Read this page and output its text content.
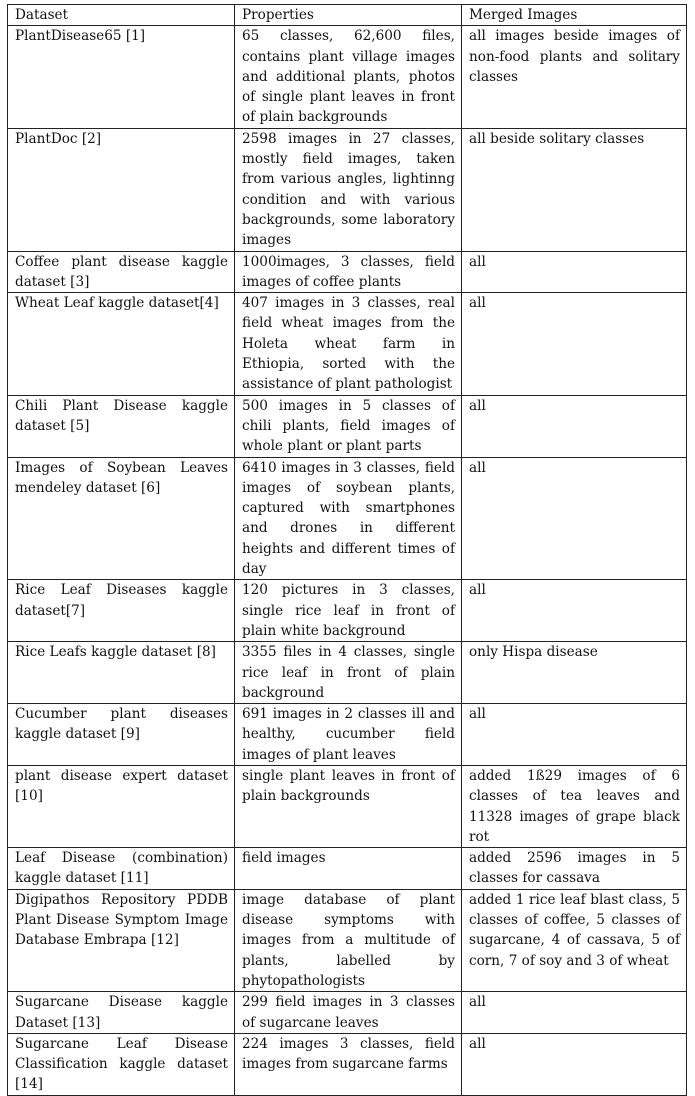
Dataset	Properties	Merged Images

PlantDisease65 [1]	65 classes, 62,600 files, contains plant village images and additional plants, photos of single plant leaves in front of plain backgrounds	all images beside images of non-food plants and solitary classes

PlantDoc [2]	2598 images in 27 classes, mostly field images, taken from various angles, lightinng condition and with various backgrounds, some laboratory images	all beside solitary classes

Coffee plant disease kaggle dataset [3]	1000images, 3 classes, field images of coffee plants	all

Wheat Leaf kaggle dataset[4]	407 images in 3 classes, real field wheat images from the Holeta wheat farm in Ethiopia, sorted with the assistance of plant pathologist	all

Chili Plant Disease kaggle dataset [5]	500 images in 5 classes of chili plants, field images of whole plant or plant parts	all

Images of Soybean Leaves mendeley dataset [6]	6410 images in 3 classes, field images of soybean plants, captured with smartphones and drones in different heights and different times of day	all

Rice Leaf Diseases kaggle dataset[7]	120 pictures in 3 classes, single rice leaf in front of plain white background	all

Rice Leafs kaggle dataset [8]	3355 files in 4 classes, single rice leaf in front of plain background	only Hispa disease

Cucumber plant diseases kaggle dataset [9]	691 images in 2 classes ill and healthy, cucumber field images of plant leaves	all

plant disease expert dataset [10]	single plant leaves in front of plain backgrounds	added 1ß29 images of 6 classes of tea leaves and 11328 images of grape black rot

Leaf Disease (combination) kaggle dataset [11]	field images	added 2596 images in 5 classes for cassava

Digipathos Repository PDDB Plant Disease Symptom Image Database Embrapa [12]	image database of plant disease symptoms with images from a multitude of plants, labelled by phytopathologists	added 1 rice leaf blast class, 5 classes of coffee, 5 classes of sugarcane, 4 of cassava, 5 of corn, 7 of soy and 3 of wheat

Sugarcane Disease kaggle Dataset [13]	299 field images in 3 classes of sugarcane leaves	all

Sugarcane Leaf Disease Classification kaggle dataset [14]	224 images 3 classes, field images from sugarcane farms	all
